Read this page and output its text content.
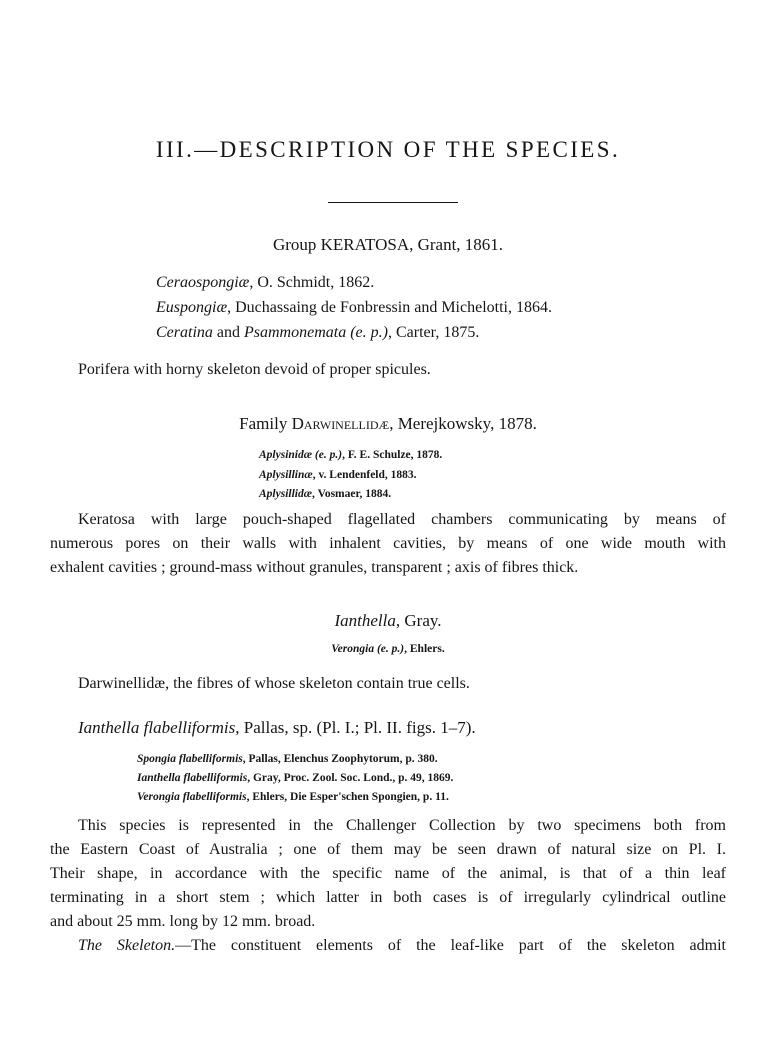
III.—DESCRIPTION OF THE SPECIES.
Group KERATOSA, Grant, 1861.
Ceraospongiæ, O. Schmidt, 1862.
Euspongiæ, Duchassaing de Fonbressin and Michelotti, 1864.
Ceratina and Psammonemata (e. p.), Carter, 1875.
Porifera with horny skeleton devoid of proper spicules.
Family Darwinellidæ, Merejkowsky, 1878.
Aplysinidæ (e. p.), F. E. Schulze, 1878.
Aplysillinæ, v. Lendenfeld, 1883.
Aplysillidæ, Vosmaer, 1884.
Keratosa with large pouch-shaped flagellated chambers communicating by means of
numerous pores on their walls with inhalent cavities, by means of one wide mouth with
exhalent cavities ; ground-mass without granules, transparent ; axis of fibres thick.
Ianthella, Gray.
Verongia (e. p.), Ehlers.
Darwinellidæ, the fibres of whose skeleton contain true cells.
Ianthella flabelliformis, Pallas, sp. (Pl. I.; Pl. II. figs. 1–7).
Spongia flabelliformis, Pallas, Elenchus Zoophytorum, p. 380.
Ianthella flabelliformis, Gray, Proc. Zool. Soc. Lond., p. 49, 1869.
Verongia flabelliformis, Ehlers, Die Esper'schen Spongien, p. 11.
This species is represented in the Challenger Collection by two specimens both from
the Eastern Coast of Australia ; one of them may be seen drawn of natural size on Pl. I.
Their shape, in accordance with the specific name of the animal, is that of a thin leaf
terminating in a short stem ; which latter in both cases is of irregularly cylindrical outline
and about 25 mm. long by 12 mm. broad.
The Skeleton.—The constituent elements of the leaf-like part of the skeleton admit
